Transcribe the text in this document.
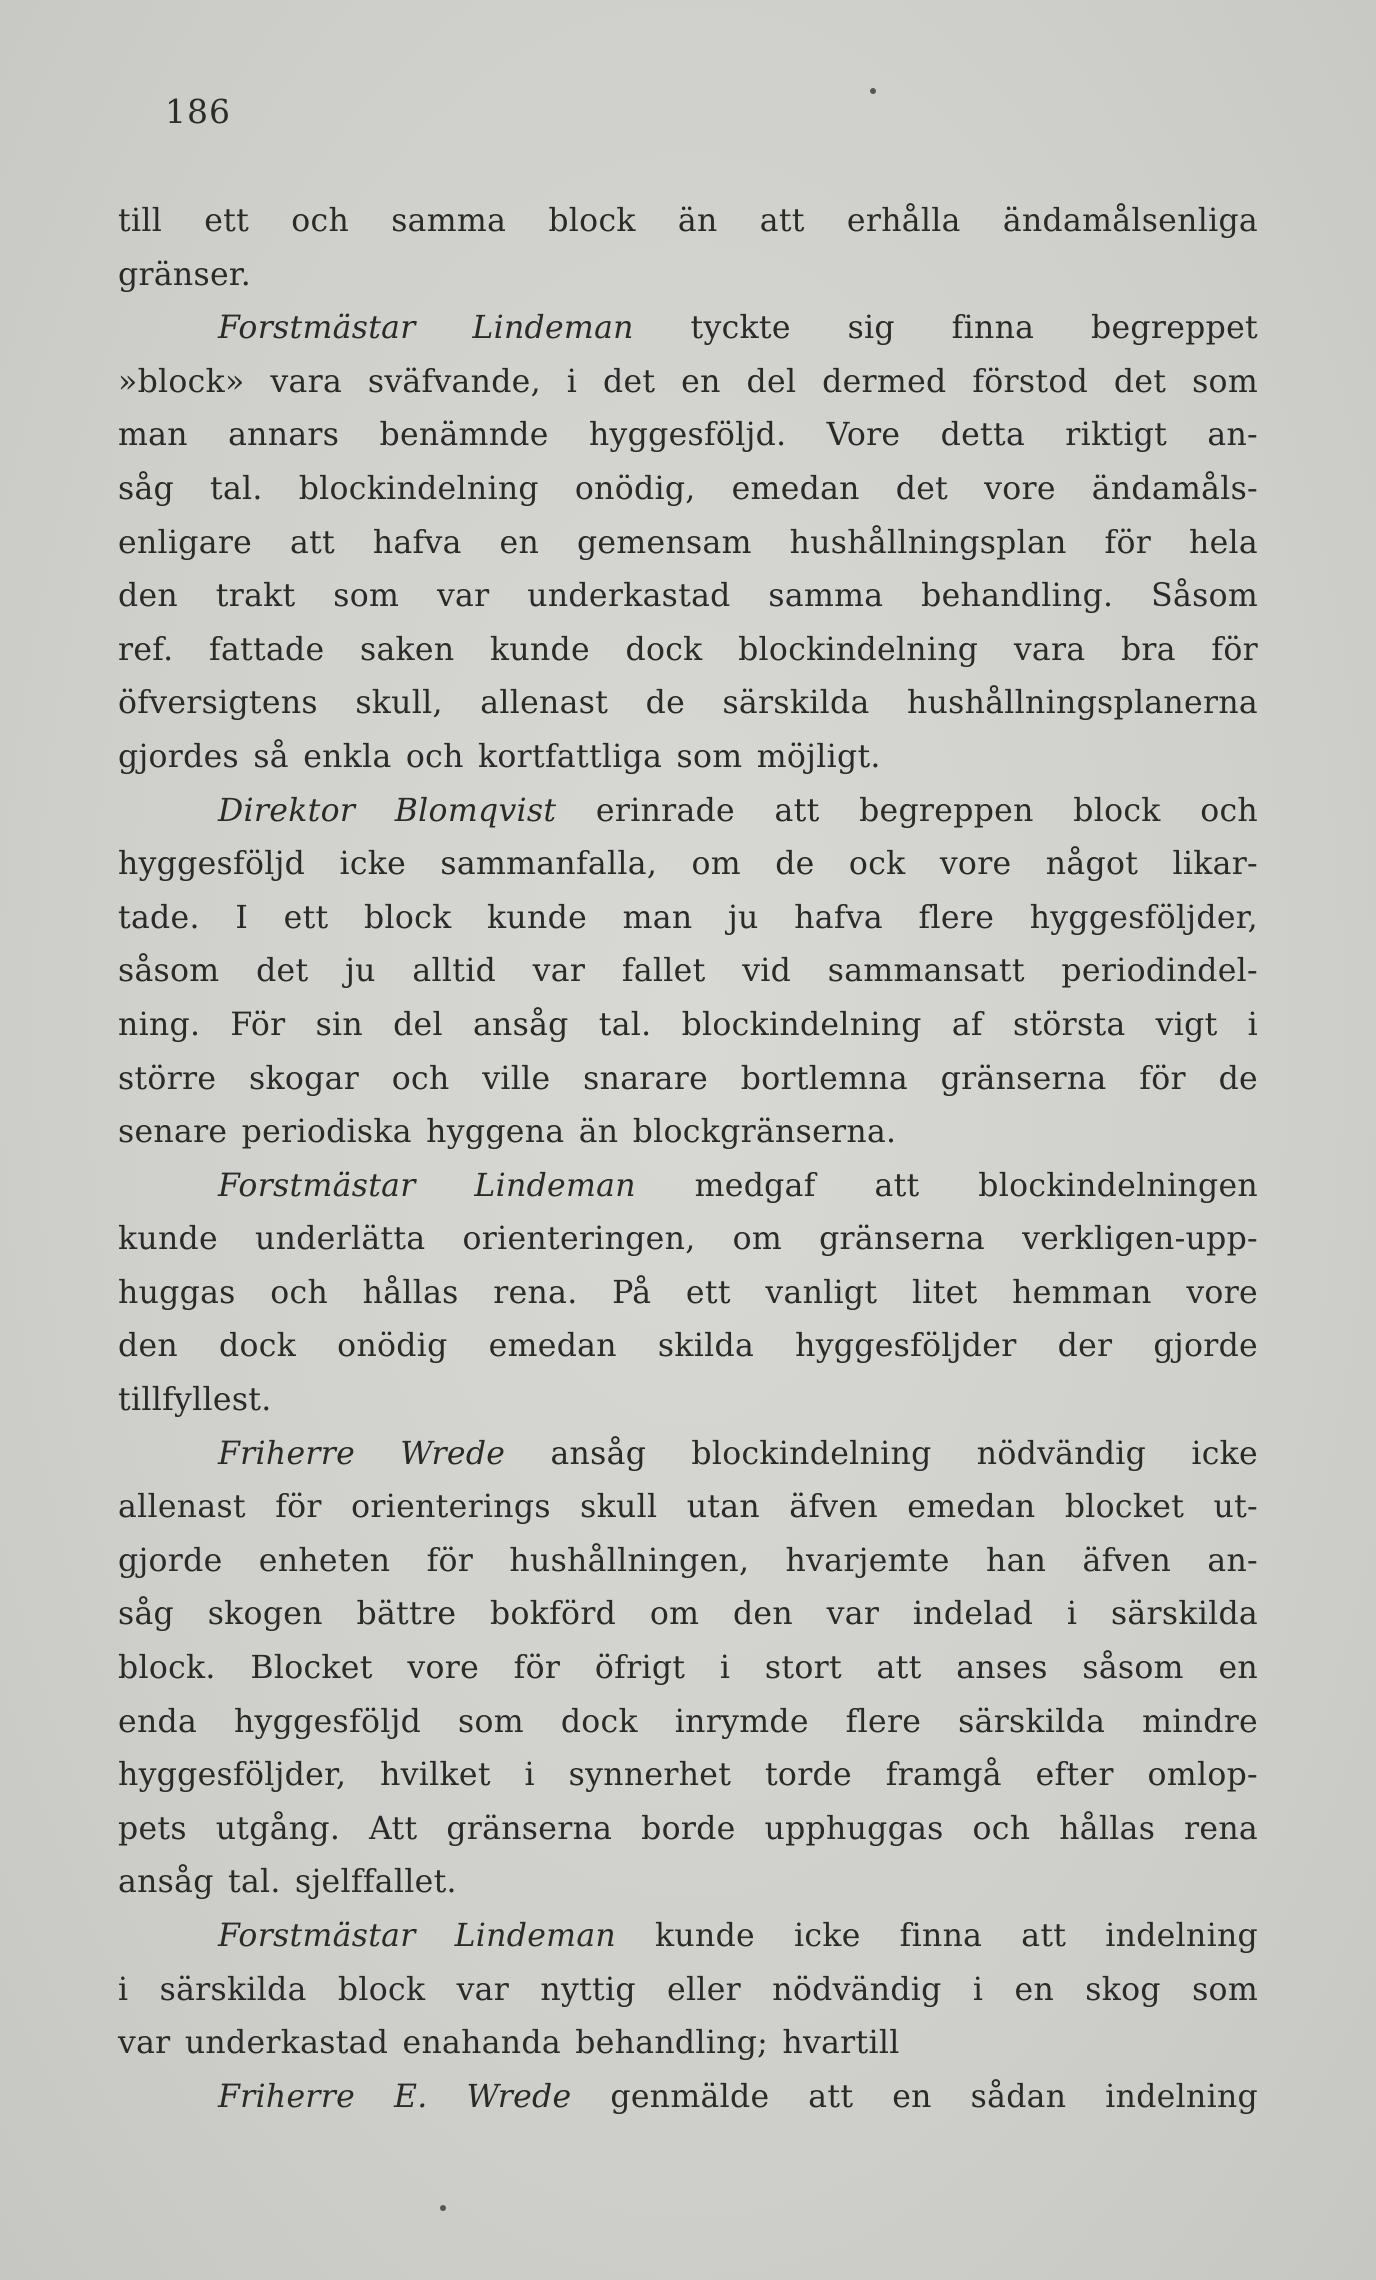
186
till ett och samma block än att erhålla ändamålsenliga
gränser.
Forstmästar Lindeman tyckte sig finna begreppet
»block» vara sväfvande, i det en del dermed förstod det som
man annars benämnde hyggesföljd. Vore detta riktigt an-
såg tal. blockindelning onödig, emedan det vore ändamåls-
enligare att hafva en gemensam hushållningsplan för hela
den trakt som var underkastad samma behandling. Såsom
ref. fattade saken kunde dock blockindelning vara bra för
öfversigtens skull, allenast de särskilda hushållningsplanerna
gjordes så enkla och kortfattliga som möjligt.
Direktor Blomqvist erinrade att begreppen block och
hyggesföljd icke sammanfalla, om de ock vore något likar-
tade. I ett block kunde man ju hafva flere hyggesföljder,
såsom det ju alltid var fallet vid sammansatt periodindel-
ning. För sin del ansåg tal. blockindelning af största vigt i
större skogar och ville snarare bortlemna gränserna för de
senare periodiska hyggena än blockgränserna.
Forstmästar Lindeman medgaf att blockindelningen
kunde underlätta orienteringen, om gränserna verkligen-upp-
huggas och hållas rena. På ett vanligt litet hemman vore
den dock onödig emedan skilda hyggesföljder der gjorde
tillfyllest.
Friherre Wrede ansåg blockindelning nödvändig icke
allenast för orienterings skull utan äfven emedan blocket ut-
gjorde enheten för hushållningen, hvarjemte han äfven an-
såg skogen bättre bokförd om den var indelad i särskilda
block. Blocket vore för öfrigt i stort att anses såsom en
enda hyggesföljd som dock inrymde flere särskilda mindre
hyggesföljder, hvilket i synnerhet torde framgå efter omlop-
pets utgång. Att gränserna borde upphuggas och hållas rena
ansåg tal. sjelffallet.
Forstmästar Lindeman kunde icke finna att indelning
i särskilda block var nyttig eller nödvändig i en skog som
var underkastad enahanda behandling; hvartill
Friherre E. Wrede genmälde att en sådan indelning
